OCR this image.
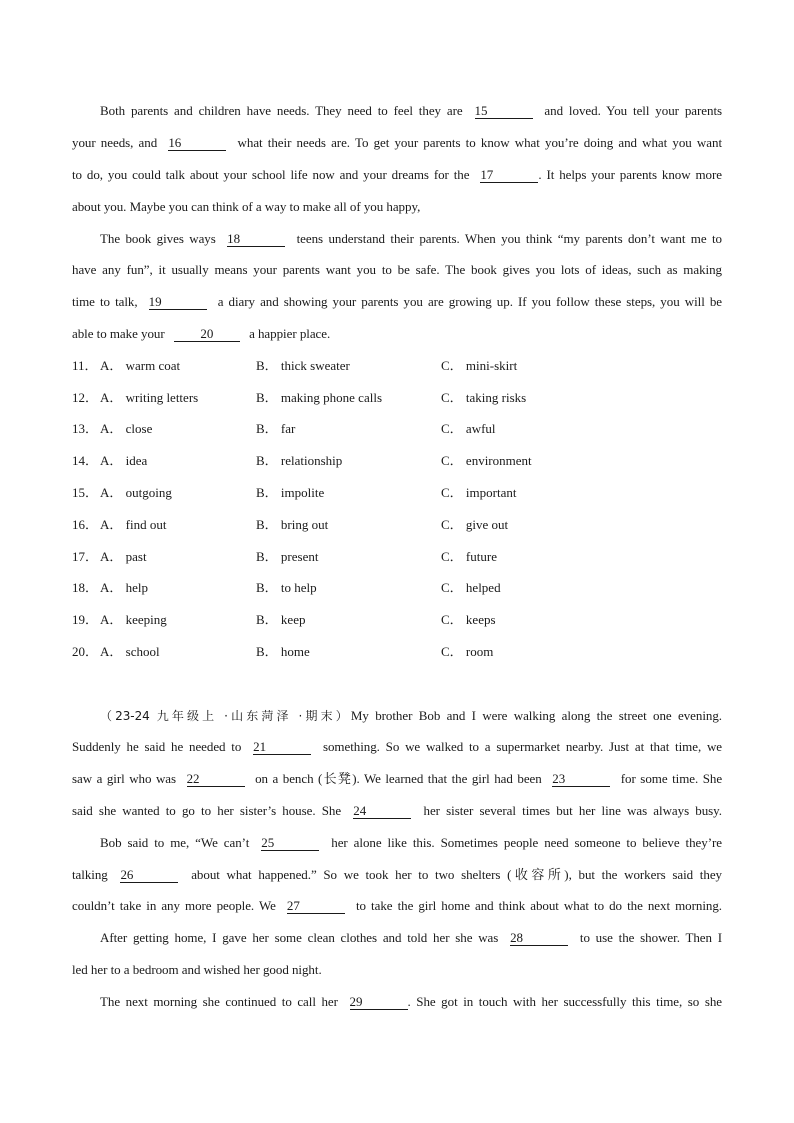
Both parents and children have needs. They need to feel they are 15	and loved. You tell your parents
your needs, and 16	what their needs are. To get your parents to know what you’re doing and what you want
to do, you could talk about your school life now and your dreams for the 17	. It helps your parents know more
about you. Maybe you can think of a way to make all of you happy,
The book gives ways 18	teens understand their parents. When you think “my parents don’t want me to
have any fun”, it usually means your parents want you to be safe. The book gives you lots of ideas, such as making
time to talk, 19	a diary and showing your parents you are growing up. If you follow these steps, you will be
able to make your	20	a happier place.
11． A． warm coat	B． thick sweater	C． mini-skirt
12． A． writing letters	B． making phone calls	C． taking risks
13． A． close	B． far	C． awful
14． A． idea	B． relationship	C． environment
15． A． outgoing	B． impolite	C． important
16． A． find out	B． bring out	C． give out
17． A． past	B． present	C． future
18． A． help	B． to help	C． helped
19． A． keeping	B． keep	C． keeps
20． A． school	B． home	C． room
（23-24 九年级上 ·山东菏泽 ·期末）My brother Bob and I were walking along the street one evening.
Suddenly he said he needed to 21	something. So we walked to a supermarket nearby. Just at that time, we
saw a girl who was 22	on a bench (长凳). We learned that the girl had been 23	for some time. She
said she wanted to go to her sister’s house. She 24	her sister several times but her line was always busy.
Bob said to me, “We can’t 25	her alone like this. Sometimes people need someone to believe they’re
talking 26	about what happened.” So we took her to two shelters (收容所), but the workers said they
couldn’t take in any more people. We 27	to take the girl home and think about what to do the next morning.
After getting home, I gave her some clean clothes and told her she was 28	to use the shower. Then I
led her to a bedroom and wished her good night.
The next morning she continued to call her 29	. She got in touch with her successfully this time, so she
